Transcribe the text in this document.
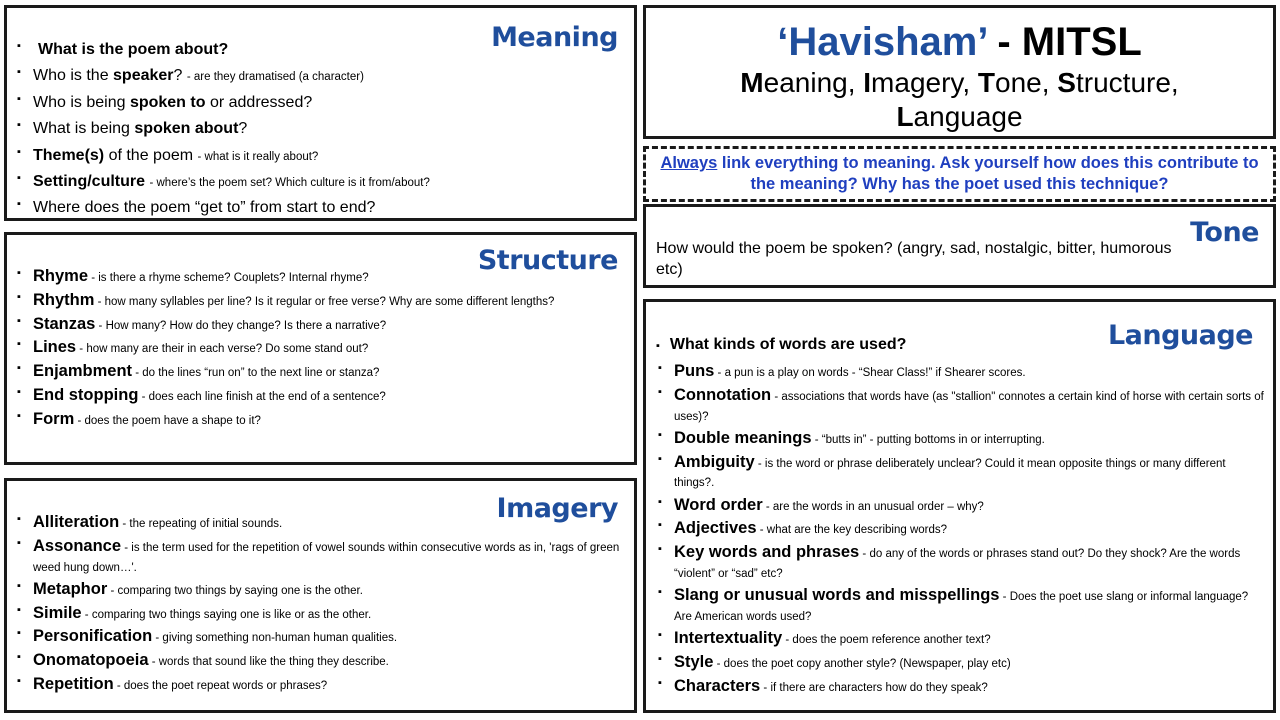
Meaning
▪ What is the poem about?
▪ Who is the speaker? - are they dramatised (a character)
▪ Who is being spoken to or addressed?
▪ What is being spoken about?
▪ Theme(s) of the poem - what is it really about?
▪ Setting/culture - where’s the poem set? Which culture is it from/about?
▪ Where does the poem “get to” from start to end?
‘Havisham’ - MITSL
Meaning, Imagery, Tone, Structure,
Language
Always link everything to meaning. Ask yourself how does this contribute to the meaning? Why has the poet used this technique?
Tone
How would the poem be spoken? (angry, sad, nostalgic, bitter, humorous etc)
Structure
▪ Rhyme - is there a rhyme scheme? Couplets? Internal rhyme?
▪ Rhythm - how many syllables per line? Is it regular or free verse? Why are some different lengths?
▪ Stanzas - How many? How do they change? Is there a narrative?
▪ Lines - how many are their in each verse? Do some stand out?
▪ Enjambment - do the lines “run on” to the next line or stanza?
▪ End stopping - does each line finish at the end of a sentence?
▪ Form - does the poem have a shape to it?
Imagery
▪ Alliteration - the repeating of initial sounds.
▪ Assonance - is the term used for the repetition of vowel sounds within consecutive words as in, 'rags of green weed hung down…'.
▪ Metaphor - comparing two things by saying one is the other.
▪ Simile - comparing two things saying one is like or as the other.
▪ Personification - giving something non-human human qualities.
▪ Onomatopoeia - words that sound like the thing they describe.
▪ Repetition - does the poet repeat words or phrases?
Language
▪ What kinds of words are used?
▪ Puns - a pun is a play on words - “Shear Class!” if Shearer scores.
▪ Connotation - associations that words have (as "stallion" connotes a certain kind of horse with certain sorts of uses)?
▪ Double meanings - “butts in” - putting bottoms in or interrupting.
▪ Ambiguity - is the word or phrase deliberately unclear? Could it mean opposite things or many different things?.
▪ Word order - are the words in an unusual order – why?
▪ Adjectives - what are the key describing words?
▪ Key words and phrases - do any of the words or phrases stand out? Do they shock? Are the words “violent” or “sad” etc?
▪ Slang or unusual words and misspellings - Does the poet use slang or informal language? Are American words used?
▪ Intertextuality - does the poem reference another text?
▪ Style - does the poet copy another style? (Newspaper, play etc)
▪ Characters - if there are characters how do they speak?
